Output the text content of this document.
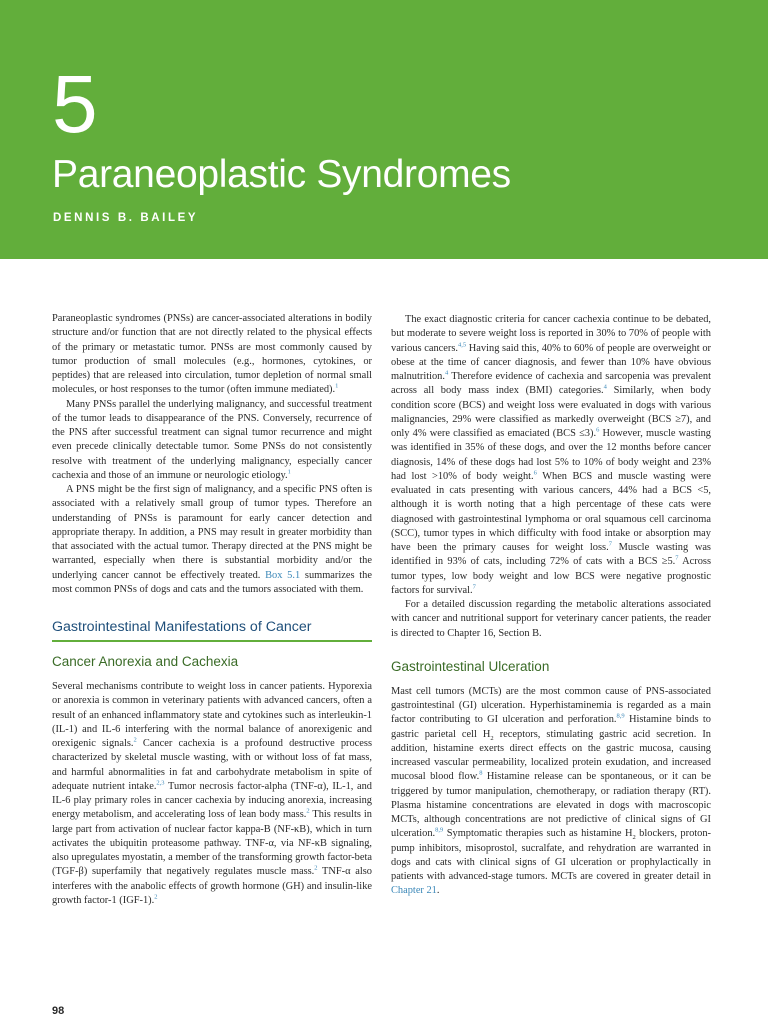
5
Paraneoplastic Syndromes
DENNIS B. BAILEY

Paraneoplastic syndromes (PNSs) are cancer-associated alterations in bodily structure and/or function that are not directly related to the physical effects of the primary or metastatic tumor. PNSs are most commonly caused by tumor production of small molecules (e.g., hormones, cytokines, or peptides) that are released into circulation, tumor depletion of normal small molecules, or host responses to the tumor (often immune mediated).$^1$

Many PNSs parallel the underlying malignancy, and successful treatment of the tumor leads to disappearance of the PNS. Conversely, recurrence of the PNS after successful treatment can signal tumor recurrence and might even precede clinically detectable tumor. Some PNSs do not consistently resolve with treatment of the underlying malignancy, especially cancer cachexia and those of an immune or neurologic etiology.$^1$

A PNS might be the first sign of malignancy, and a specific PNS often is associated with a relatively small group of tumor types. Therefore an understanding of PNSs is paramount for early cancer detection and appropriate therapy. In addition, a PNS may result in greater morbidity than that associated with the actual tumor. Therapy directed at the PNS might be warranted, especially when there is substantial morbidity and/or the underlying cancer cannot be effectively treated. Box 5.1 summarizes the most common PNSs of dogs and cats and the tumors associated with them.

Gastrointestinal Manifestations of Cancer
Cancer Anorexia and Cachexia

Several mechanisms contribute to weight loss in cancer patients. Hyporexia or anorexia is common in veterinary patients with advanced cancers, often a result of an enhanced inflammatory state and cytokines such as interleukin-1 (IL-1) and IL-6 interfering with the normal balance of anorexigenic and orexigenic signals.$^2$ Cancer cachexia is a profound destructive process characterized by skeletal muscle wasting, with or without loss of fat mass, and harmful abnormalities in fat and carbohydrate metabolism in spite of adequate nutrient intake.$^{2,3}$ Tumor necrosis factor-alpha (TNF-α), IL-1, and IL-6 play primary roles in cancer cachexia by inducing anorexia, increasing energy metabolism, and accelerating loss of lean body mass.$^2$ This results in large part from activation of nuclear factor kappa-B (NF-κB), which in turn activates the ubiquitin proteasome pathway. TNF-α, via NF-κB signaling, also upregulates myostatin, a member of the transforming growth factor-beta (TGF-β) superfamily that negatively regulates muscle mass.$^2$ TNF-α also interferes with the anabolic effects of growth hormone (GH) and insulin-like growth factor-1 (IGF-1).$^2$

The exact diagnostic criteria for cancer cachexia continue to be debated, but moderate to severe weight loss is reported in 30% to 70% of people with various cancers.$^{4,5}$ Having said this, 40% to 60% of people are overweight or obese at the time of cancer diagnosis, and fewer than 10% have obvious malnutrition.$^4$ Therefore evidence of cachexia and sarcopenia was prevalent across all body mass index (BMI) categories.$^4$ Similarly, when body condition score (BCS) and weight loss were evaluated in dogs with various malignancies, 29% were classified as markedly overweight (BCS ≥7), and only 4% were classified as emaciated (BCS ≤3).$^6$ However, muscle wasting was identified in 35% of these dogs, and over the 12 months before cancer diagnosis, 14% of these dogs had lost 5% to 10% of body weight and 23% had lost >10% of body weight.$^6$ When BCS and muscle wasting were evaluated in cats presenting with various cancers, 44% had a BCS <5, although it is worth noting that a high percentage of these cats were diagnosed with gastrointestinal lymphoma or oral squamous cell carcinoma (SCC), tumor types in which difficulty with food intake or absorption may have been the primary causes for weight loss.$^7$ Muscle wasting was identified in 93% of cats, including 72% of cats with a BCS ≥5.$^7$ Across tumor types, low body weight and low BCS were negative prognostic factors for survival.$^7$

For a detailed discussion regarding the metabolic alterations associated with cancer and nutritional support for veterinary cancer patients, the reader is directed to Chapter 16, Section B.

Gastrointestinal Ulceration

Mast cell tumors (MCTs) are the most common cause of PNS-associated gastrointestinal (GI) ulceration. Hyperhistaminemia is regarded as a main factor contributing to GI ulceration and perforation.$^{8,9}$ Histamine binds to gastric parietal cell $H_2$ receptors, stimulating gastric acid secretion. In addition, histamine exerts direct effects on the gastric mucosa, causing increased vascular permeability, localized protein exudation, and increased mucosal blood flow.$^8$ Histamine release can be spontaneous, or it can be triggered by tumor manipulation, chemotherapy, or radiation therapy (RT). Plasma histamine concentrations are elevated in dogs with macroscopic MCTs, although concentrations are not predictive of clinical signs of GI ulceration.$^{8,9}$ Symptomatic therapies such as histamine $H_2$ blockers, proton-pump inhibitors, misoprostol, sucralfate, and rehydration are warranted in dogs and cats with clinical signs of GI ulceration or prophylactically in patients with advanced-stage tumors. MCTs are covered in greater detail in Chapter 21.

98
